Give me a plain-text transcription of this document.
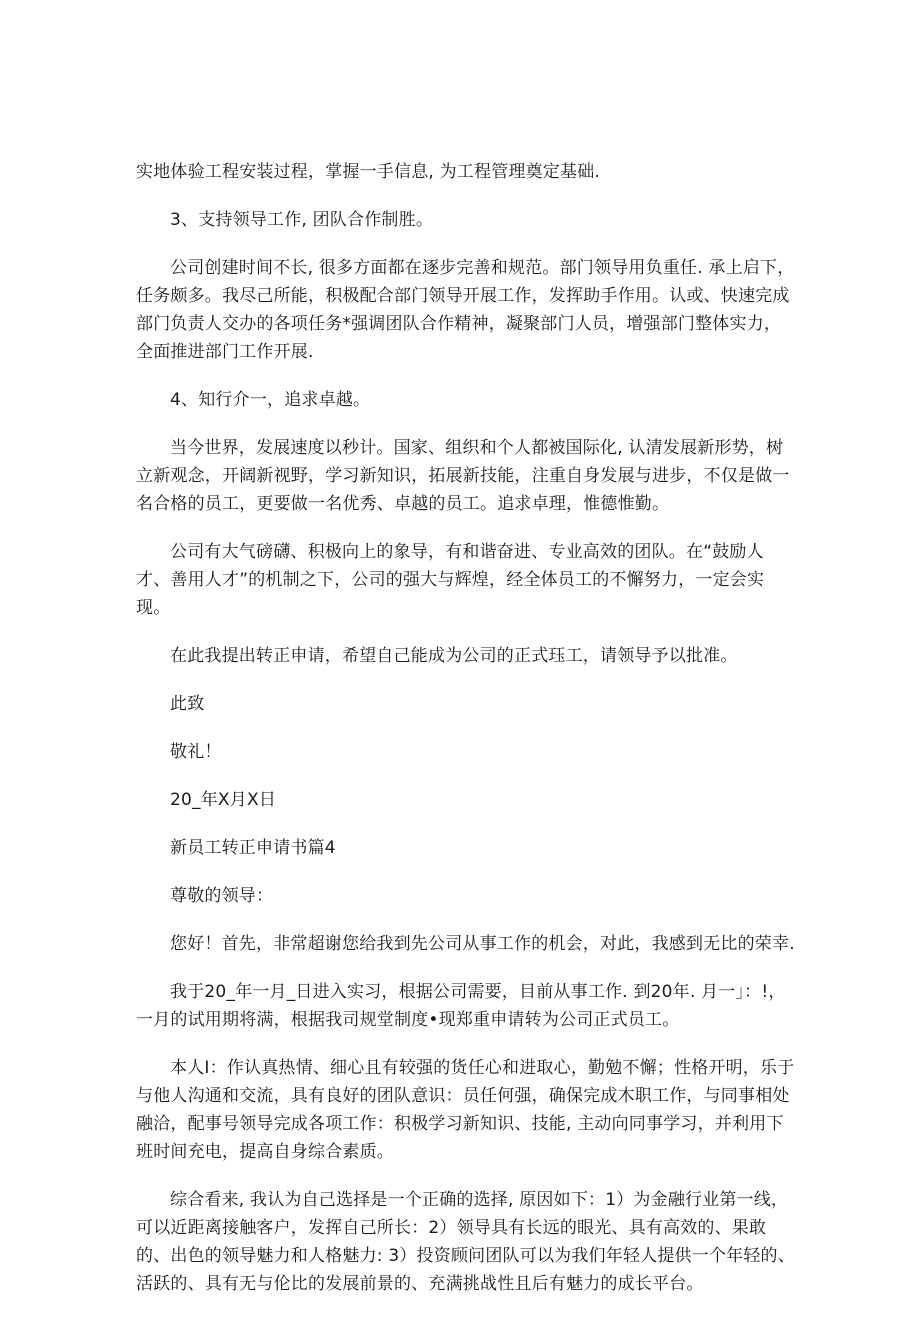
实地体验工程安装过程，掌握一手信息, 为工程管理奠定基础.

3、支持领导工作, 团队合作制胜。

公司创建时间不长, 很多方面都在逐步完善和规范。部门领导用负重任. 承上启下，任务颇多。我尽己所能，积极配合部门领导开展工作，发挥助手作用。认或、快速完成部门负责人交办的各项任务*强调团队合作精神，凝聚部门人员，增强部门整体实力，全面推进部门工作开展.

4、知行介一，追求卓越。

当今世界，发展速度以秒计。国家、组织和个人都被国际化, 认清发展新形势，树立新观念，开阔新视野，学习新知识，拓展新技能，注重自身发展与进步，不仅是做一名合格的员工，更要做一名优秀、卓越的员工。追求卓理，惟德惟勤。

公司有大气磅礴、积极向上的象导，有和谐奋进、专业高效的团队。在“鼓励人才、善用人才”的机制之下，公司的强大与辉煌，经全体员工的不懈努力，一定会实现。

在此我提出转正申请，希望自己能成为公司的正式珏工，请领导予以批准。

此致

敬礼！

20_年X月X日

新员工转正申请书篇4

尊敬的领导：

您好！首先，非常超谢您给我到先公司从事工作的机会，对此，我感到无比的荣幸.

我于20_年一月_日进入实习，根据公司需要，目前从事工作. 到20年. 月一」：!，一月的试用期将满，根据我司规堂制度•现郑重申请转为公司正式员工。

本人I：作认真热情、细心且有较强的货任心和进取心，勤勉不懈；性格开明，乐于与他人沟通和交流，具有良好的团队意识：员任何强，确保完成木职工作，与同事相处融洽，配事号领导完成各项工作：积极学习新知识、技能, 主动向同事学习，并利用下班时间充电，提高自身综合素质。

综合看来, 我认为自己选择是一个正确的选择, 原因如下：1）为金融行业第一线，可以近距离接触客户，发挥自己所长：2）领导具有长远的眼光、具有高效的、果敢的、出色的领导魅力和人格魅力: 3）投资顾问团队可以为我们年轻人提供一个年轻的、活跃的、具有无与伦比的发展前景的、充满挑战性且后有魅力的成长平台。
